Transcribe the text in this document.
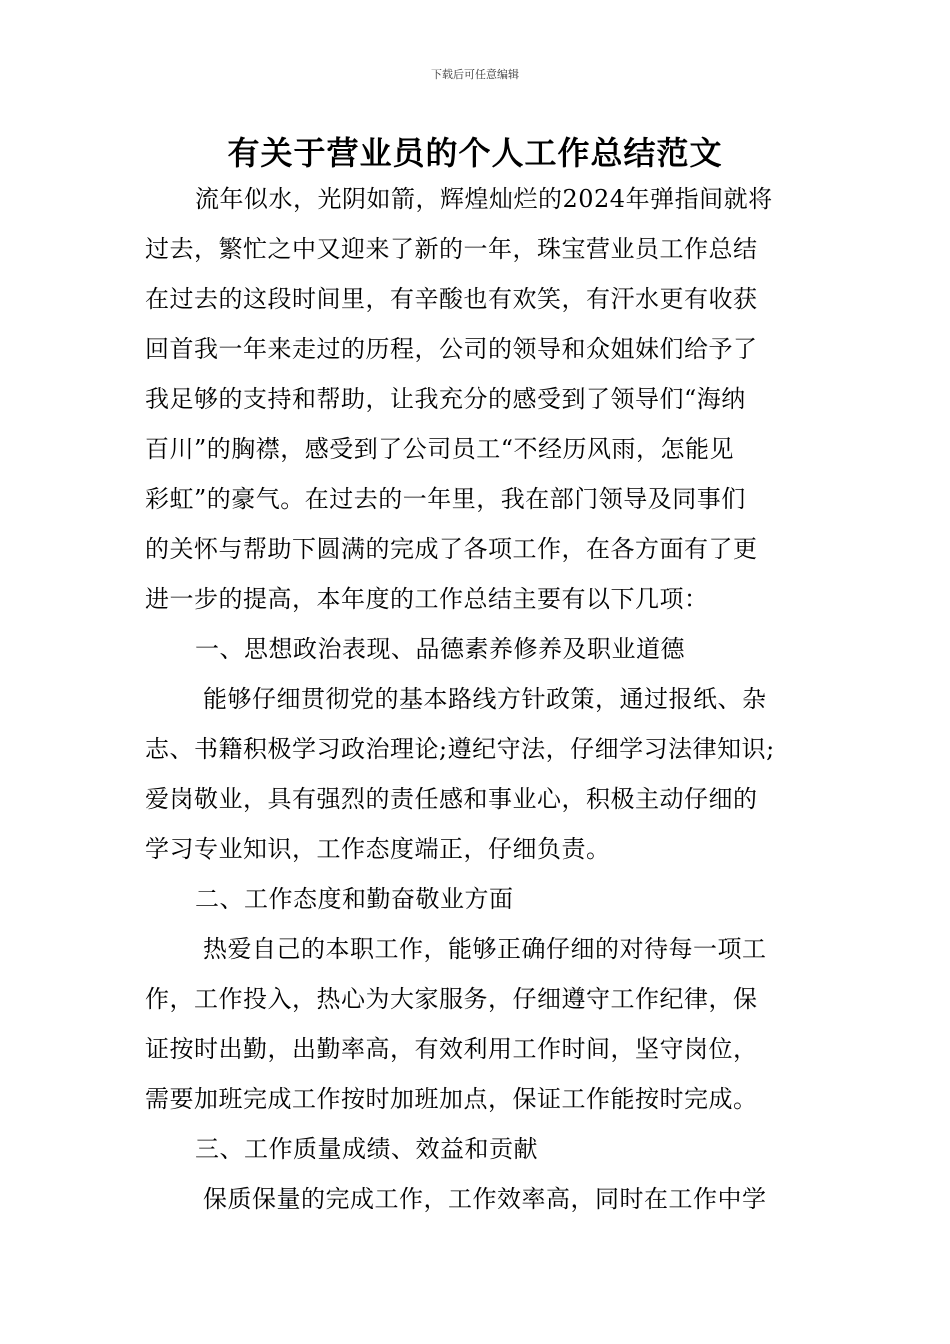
下载后可任意编辑
有关于营业员的个人工作总结范文
流年似水，光阴如箭，辉煌灿烂的2024年弹指间就将
过去，繁忙之中又迎来了新的一年，珠宝营业员工作总结
在过去的这段时间里，有辛酸也有欢笑，有汗水更有收获
回首我一年来走过的历程，公司的领导和众姐妹们给予了
我足够的支持和帮助，让我充分的感受到了领导们“海纳
百川”的胸襟，感受到了公司员工“不经历风雨，怎能见
彩虹”的豪气。在过去的一年里，我在部门领导及同事们
的关怀与帮助下圆满的完成了各项工作，在各方面有了更
进一步的提高，本年度的工作总结主要有以下几项：
一、思想政治表现、品德素养修养及职业道德
能够仔细贯彻党的基本路线方针政策，通过报纸、杂
志、书籍积极学习政治理论;遵纪守法，仔细学习法律知识;
爱岗敬业，具有强烈的责任感和事业心，积极主动仔细的
学习专业知识，工作态度端正，仔细负责。
二、工作态度和勤奋敬业方面
热爱自己的本职工作，能够正确仔细的对待每一项工
作，工作投入，热心为大家服务，仔细遵守工作纪律，保
证按时出勤，出勤率高，有效利用工作时间，坚守岗位，
需要加班完成工作按时加班加点，保证工作能按时完成。
三、工作质量成绩、效益和贡献
保质保量的完成工作，工作效率高，同时在工作中学
